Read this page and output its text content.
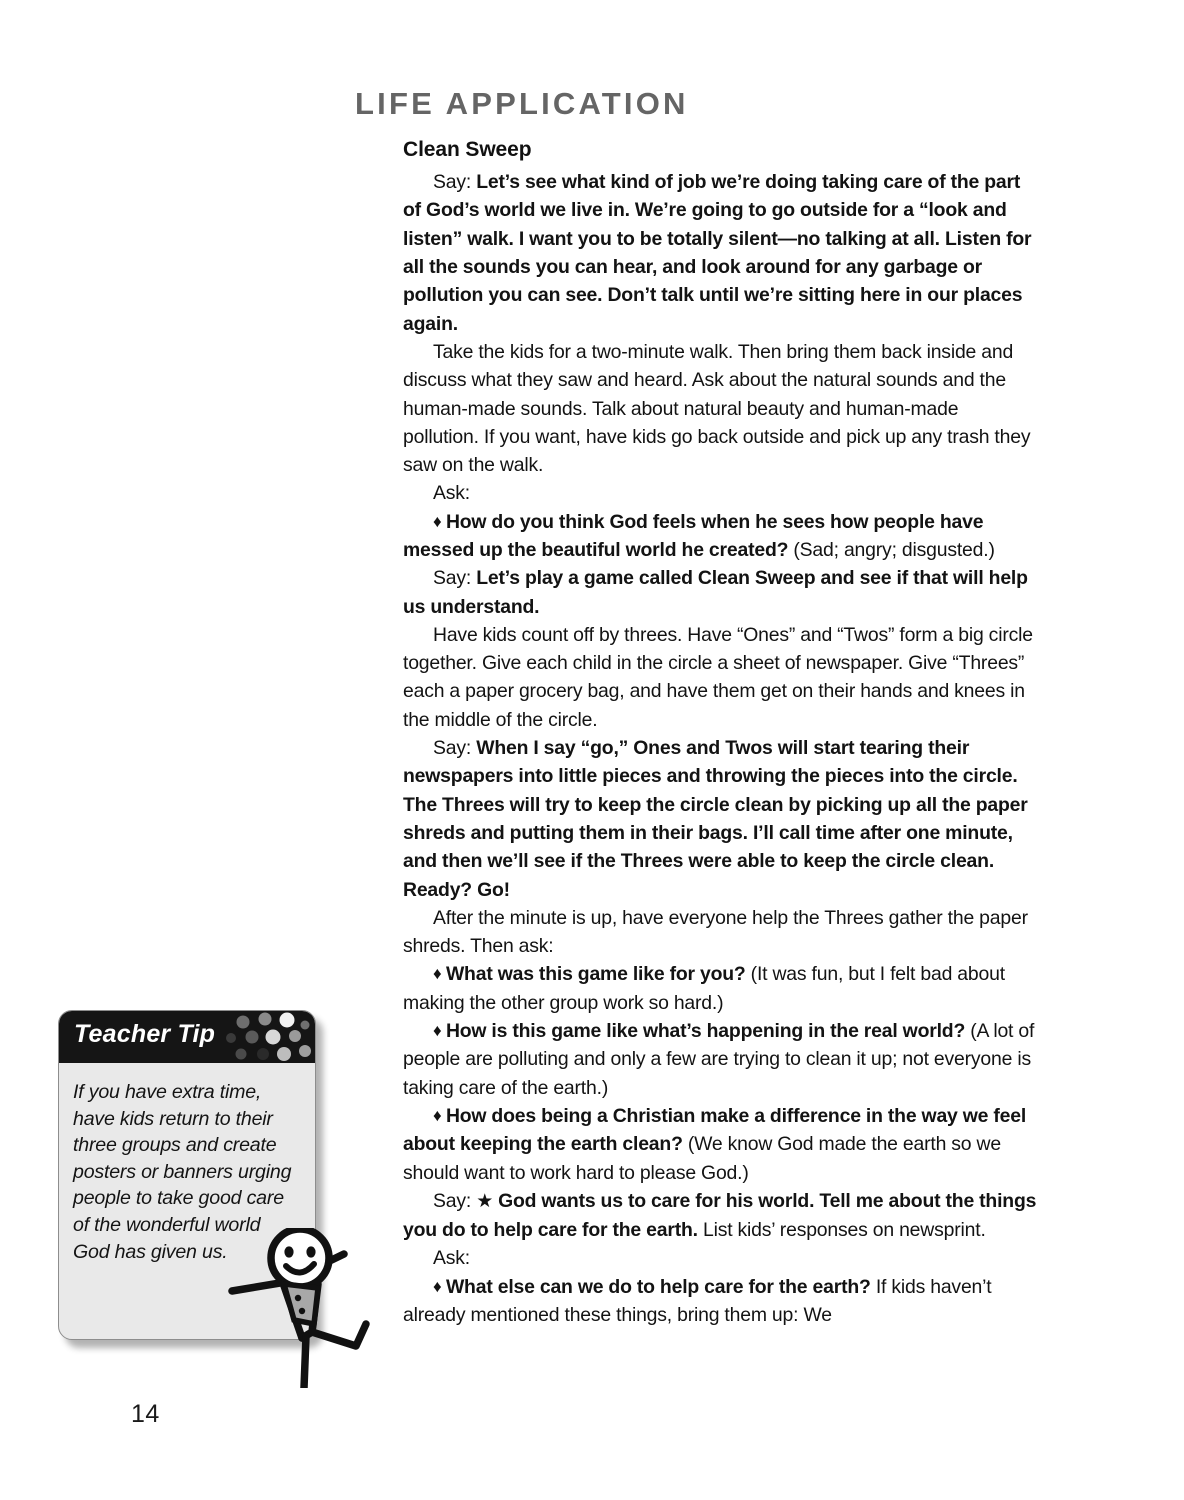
LIFE APPLICATION
Clean Sweep

Say: Let’s see what kind of job we’re doing taking care of the part of God’s world we live in. We’re going to go outside for a “look and listen” walk. I want you to be totally silent—no talking at all. Listen for all the sounds you can hear, and look around for any garbage or pollution you can see. Don’t talk until we’re sitting here in our places again.

Take the kids for a two-minute walk. Then bring them back inside and discuss what they saw and heard. Ask about the natural sounds and the human-made sounds. Talk about natural beauty and human-made pollution. If you want, have kids go back outside and pick up any trash they saw on the walk.

Ask:

♦ How do you think God feels when he sees how people have messed up the beautiful world he created? (Sad; angry; disgusted.)

Say: Let’s play a game called Clean Sweep and see if that will help us understand.

Have kids count off by threes. Have “Ones” and “Twos” form a big circle together. Give each child in the circle a sheet of newspaper. Give “Threes” each a paper grocery bag, and have them get on their hands and knees in the middle of the circle.

Say: When I say “go,” Ones and Twos will start tearing their newspapers into little pieces and throwing the pieces into the circle. The Threes will try to keep the circle clean by picking up all the paper shreds and putting them in their bags. I’ll call time after one minute, and then we’ll see if the Threes were able to keep the circle clean. Ready? Go!

After the minute is up, have everyone help the Threes gather the paper shreds. Then ask:

♦ What was this game like for you? (It was fun, but I felt bad about making the other group work so hard.)

♦ How is this game like what’s happening in the real world? (A lot of people are polluting and only a few are trying to clean it up; not everyone is taking care of the earth.)

♦ How does being a Christian make a difference in the way we feel about keeping the earth clean? (We know God made the earth so we should want to work hard to please God.)

Say: ★ God wants us to care for his world. Tell me about the things you do to help care for the earth. List kids’ responses on newsprint.

Ask:

♦ What else can we do to help care for the earth? If kids haven’t already mentioned these things, bring them up: We

14
Teacher Tip

If you have extra time, have kids return to their three groups and create posters or banners urging people to take good care of the wonderful world God has given us.
